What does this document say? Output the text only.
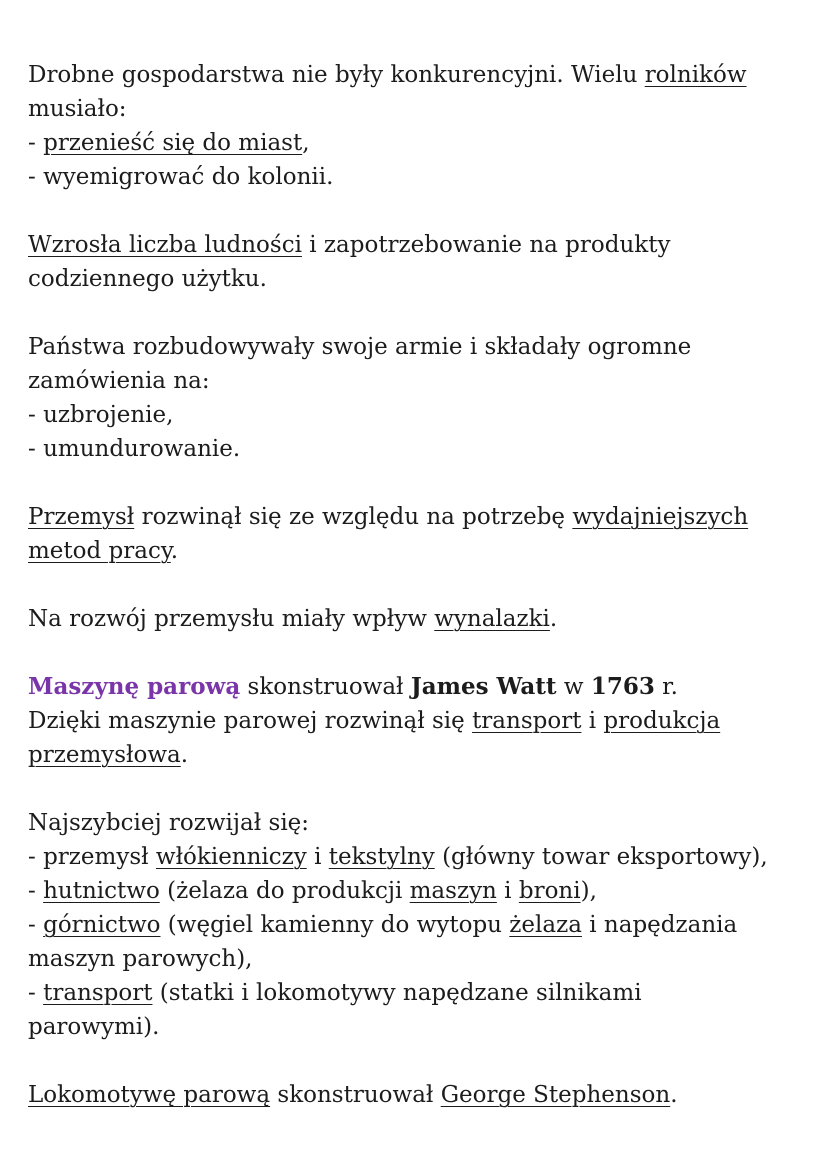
Drobne gospodarstwa nie były konkurencyjni. Wielu rolników
musiało:
- przenieść się do miast,
- wyemigrować do kolonii.
Wzrosła liczba ludności i zapotrzebowanie na produkty
codziennego użytku.
Państwa rozbudowywały swoje armie i składały ogromne
zamówienia na:
- uzbrojenie,
- umundurowanie.
Przemysł rozwinął się ze względu na potrzebę wydajniejszych
metod pracy.
Na rozwój przemysłu miały wpływ wynalazki.
Maszynę parową skonstruował James Watt w 1763 r.
Dzięki maszynie parowej rozwinął się transport i produkcja
przemysłowa.
Najszybciej rozwijał się:
- przemysł włókienniczy i tekstylny (główny towar eksportowy),
- hutnictwo (żelaza do produkcji maszyn i broni),
- górnictwo (węgiel kamienny do wytopu żelaza i napędzania
maszyn parowych),
- transport (statki i lokomotywy napędzane silnikami
parowymi).
Lokomotywę parową skonstruował George Stephenson.
